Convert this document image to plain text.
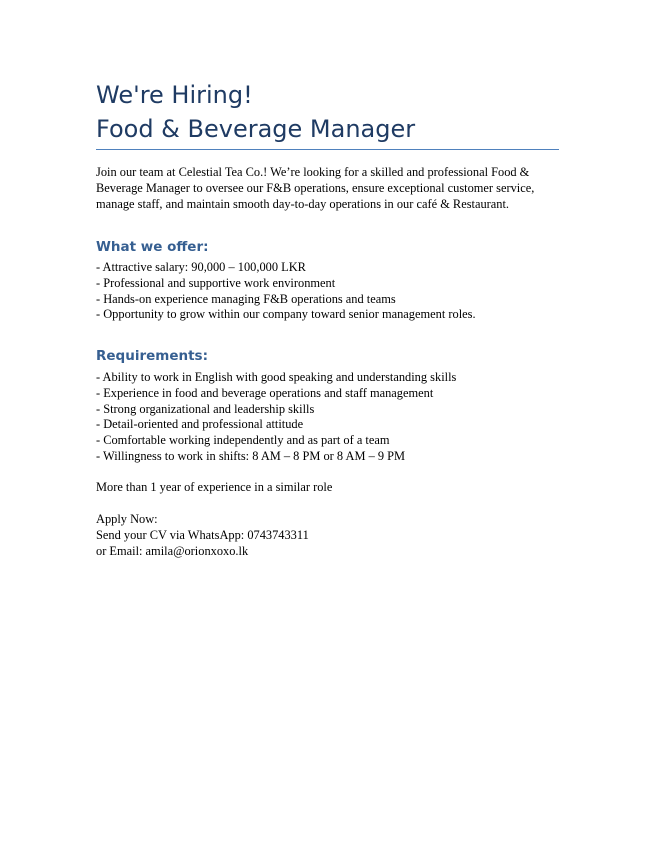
We're Hiring!
Food & Beverage Manager
Join our team at Celestial Tea Co.! We’re looking for a skilled and professional Food & Beverage Manager to oversee our F&B operations, ensure exceptional customer service, manage staff, and maintain smooth day-to-day operations in our café & Restaurant.
What we offer:
- Attractive salary: 90,000 – 100,000 LKR
- Professional and supportive work environment
- Hands-on experience managing F&B operations and teams
- Opportunity to grow within our company toward senior management roles.
Requirements:
- Ability to work in English with good speaking and understanding skills
- Experience in food and beverage operations and staff management
- Strong organizational and leadership skills
- Detail-oriented and professional attitude
- Comfortable working independently and as part of a team
- Willingness to work in shifts: 8 AM – 8 PM or 8 AM – 9 PM
More than 1 year of experience in a similar role
Apply Now:
Send your CV via WhatsApp: 0743743311
or Email: amila@orionxoxo.lk
